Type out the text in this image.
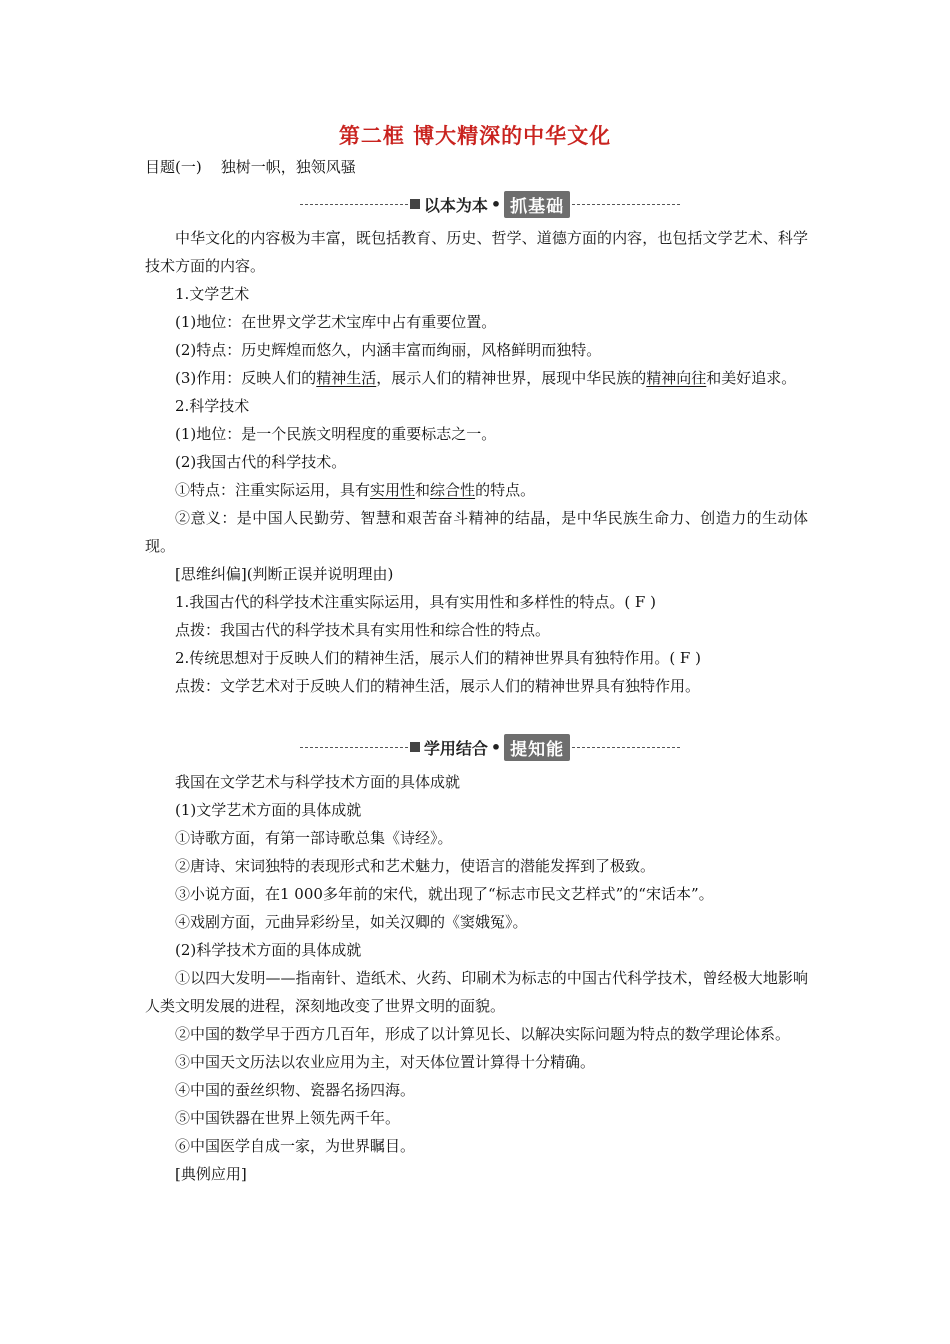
第二框 博大精深的中华文化
目题(一)    独树一帜，独领风骚
以本为本 • 抓基础

中华文化的内容极为丰富，既包括教育、历史、哲学、道德方面的内容，也包括文学艺术、科学技术方面的内容。

1.文学艺术

(1)地位：在世界文学艺术宝库中占有重要位置。

(2)特点：历史辉煌而悠久，内涵丰富而绚丽，风格鲜明而独特。

(3)作用：反映人们的精神生活，展示人们的精神世界，展现中华民族的精神向往和美好追求。

2.科学技术

(1)地位：是一个民族文明程度的重要标志之一。

(2)我国古代的科学技术。

①特点：注重实际运用，具有实用性和综合性的特点。

②意义：是中国人民勤劳、智慧和艰苦奋斗精神的结晶，是中华民族生命力、创造力的生动体现。

[思维纠偏](判断正误并说明理由)

1.我国古代的科学技术注重实际运用，具有实用性和多样性的特点。( F )

点拨：我国古代的科学技术具有实用性和综合性的特点。

2.传统思想对于反映人们的精神生活，展示人们的精神世界具有独特作用。( F )

点拨：文学艺术对于反映人们的精神生活，展示人们的精神世界具有独特作用。

学用结合 • 提知能

我国在文学艺术与科学技术方面的具体成就

(1)文学艺术方面的具体成就

①诗歌方面，有第一部诗歌总集《诗经》。

②唐诗、宋词独特的表现形式和艺术魅力，使语言的潜能发挥到了极致。

③小说方面，在1 000多年前的宋代，就出现了“标志市民文艺样式”的“宋话本”。

④戏剧方面，元曲异彩纷呈，如关汉卿的《窦娥冤》。

(2)科学技术方面的具体成就

①以四大发明——指南针、造纸术、火药、印刷术为标志的中国古代科学技术，曾经极大地影响人类文明发展的进程，深刻地改变了世界文明的面貌。

②中国的数学早于西方几百年，形成了以计算见长、以解决实际问题为特点的数学理论体系。

③中国天文历法以农业应用为主，对天体位置计算得十分精确。

④中国的蚕丝织物、瓷器名扬四海。

⑤中国铁器在世界上领先两千年。

⑥中国医学自成一家，为世界瞩目。

[典例应用]
